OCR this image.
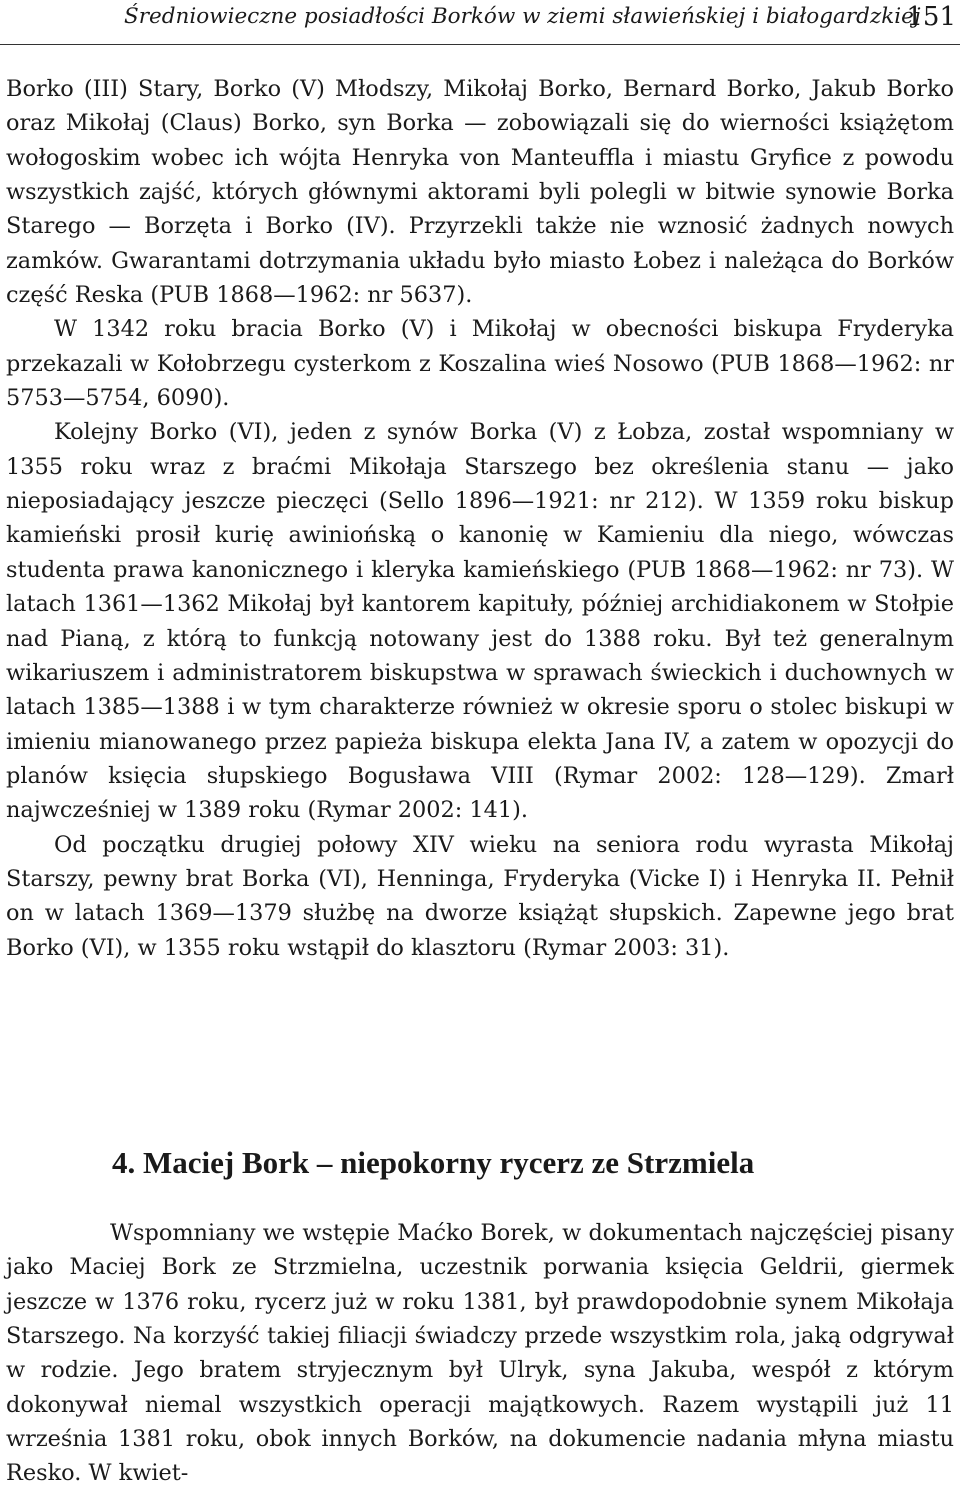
Średniowieczne posiadłości Borków w ziemi sławieńskiej i białogardzkiej
151

Borko (III) Stary, Borko (V) Młodszy, Mikołaj Borko, Bernard Borko, Jakub Borko oraz Mikołaj (Claus) Borko, syn Borka — zobowiązali się do wierności książętom wołogoskim wobec ich wójta Henryka von Manteuffla i miastu Gryfice z powodu wszystkich zajść, których głównymi aktorami byli polegli w bitwie synowie Borka Starego — Borzęta i Borko (IV). Przyrzekli także nie wznosić żadnych nowych zamków. Gwarantami dotrzymania układu było miasto Łobez i należąca do Borków część Reska (PUB 1868—1962: nr 5637).

W 1342 roku bracia Borko (V) i Mikołaj w obecności biskupa Fryderyka przekazali w Kołobrzegu cysterkom z Koszalina wieś Nosowo (PUB 1868—1962: nr 5753—5754, 6090).

Kolejny Borko (VI), jeden z synów Borka (V) z Łobza, został wspomniany w 1355 roku wraz z braćmi Mikołaja Starszego bez określenia stanu — jako nieposiadający jeszcze pieczęci (Sello 1896—1921: nr 212). W 1359 roku biskup kamieński prosił kurię awiniońską o kanonię w Kamieniu dla niego, wówczas studenta prawa kanonicznego i kleryka kamieńskiego (PUB 1868—1962: nr 73). W latach 1361—1362 Mikołaj był kantorem kapituły, później archidiakonem w Stołpie nad Pianą, z którą to funkcją notowany jest do 1388 roku. Był też generalnym wikariuszem i administratorem biskupstwa w sprawach świeckich i duchownych w latach 1385—1388 i w tym charakterze również w okresie sporu o stolec biskupi w imieniu mianowanego przez papieża biskupa elekta Jana IV, a zatem w opozycji do planów księcia słupskiego Bogusława VIII (Rymar 2002: 128—129). Zmarł najwcześniej w 1389 roku (Rymar 2002: 141).

Od początku drugiej połowy XIV wieku na seniora rodu wyrasta Mikołaj Starszy, pewny brat Borka (VI), Henninga, Fryderyka (Vicke I) i Henryka II. Pełnił on w latach 1369—1379 służbę na dworze książąt słupskich. Zapewne jego brat Borko (VI), w 1355 roku wstąpił do klasztoru (Rymar 2003: 31).

4. Maciej Bork – niepokorny rycerz ze Strzmiela

Wspomniany we wstępie Maćko Borek, w dokumentach najczęściej pisany jako Maciej Bork ze Strzmielna, uczestnik porwania księcia Geldrii, giermek jeszcze w 1376 roku, rycerz już w roku 1381, był prawdopodobnie synem Mikołaja Starszego. Na korzyść takiej filiacji świadczy przede wszystkim rola, jaką odgrywał w rodzie. Jego bratem stryjecznym był Ulryk, syna Jakuba, wespół z którym dokonywał niemal wszystkich operacji majątkowych. Razem wystąpili już 11 września 1381 roku, obok innych Borków, na dokumencie nadania młyna miastu Resko. W kwiet-
